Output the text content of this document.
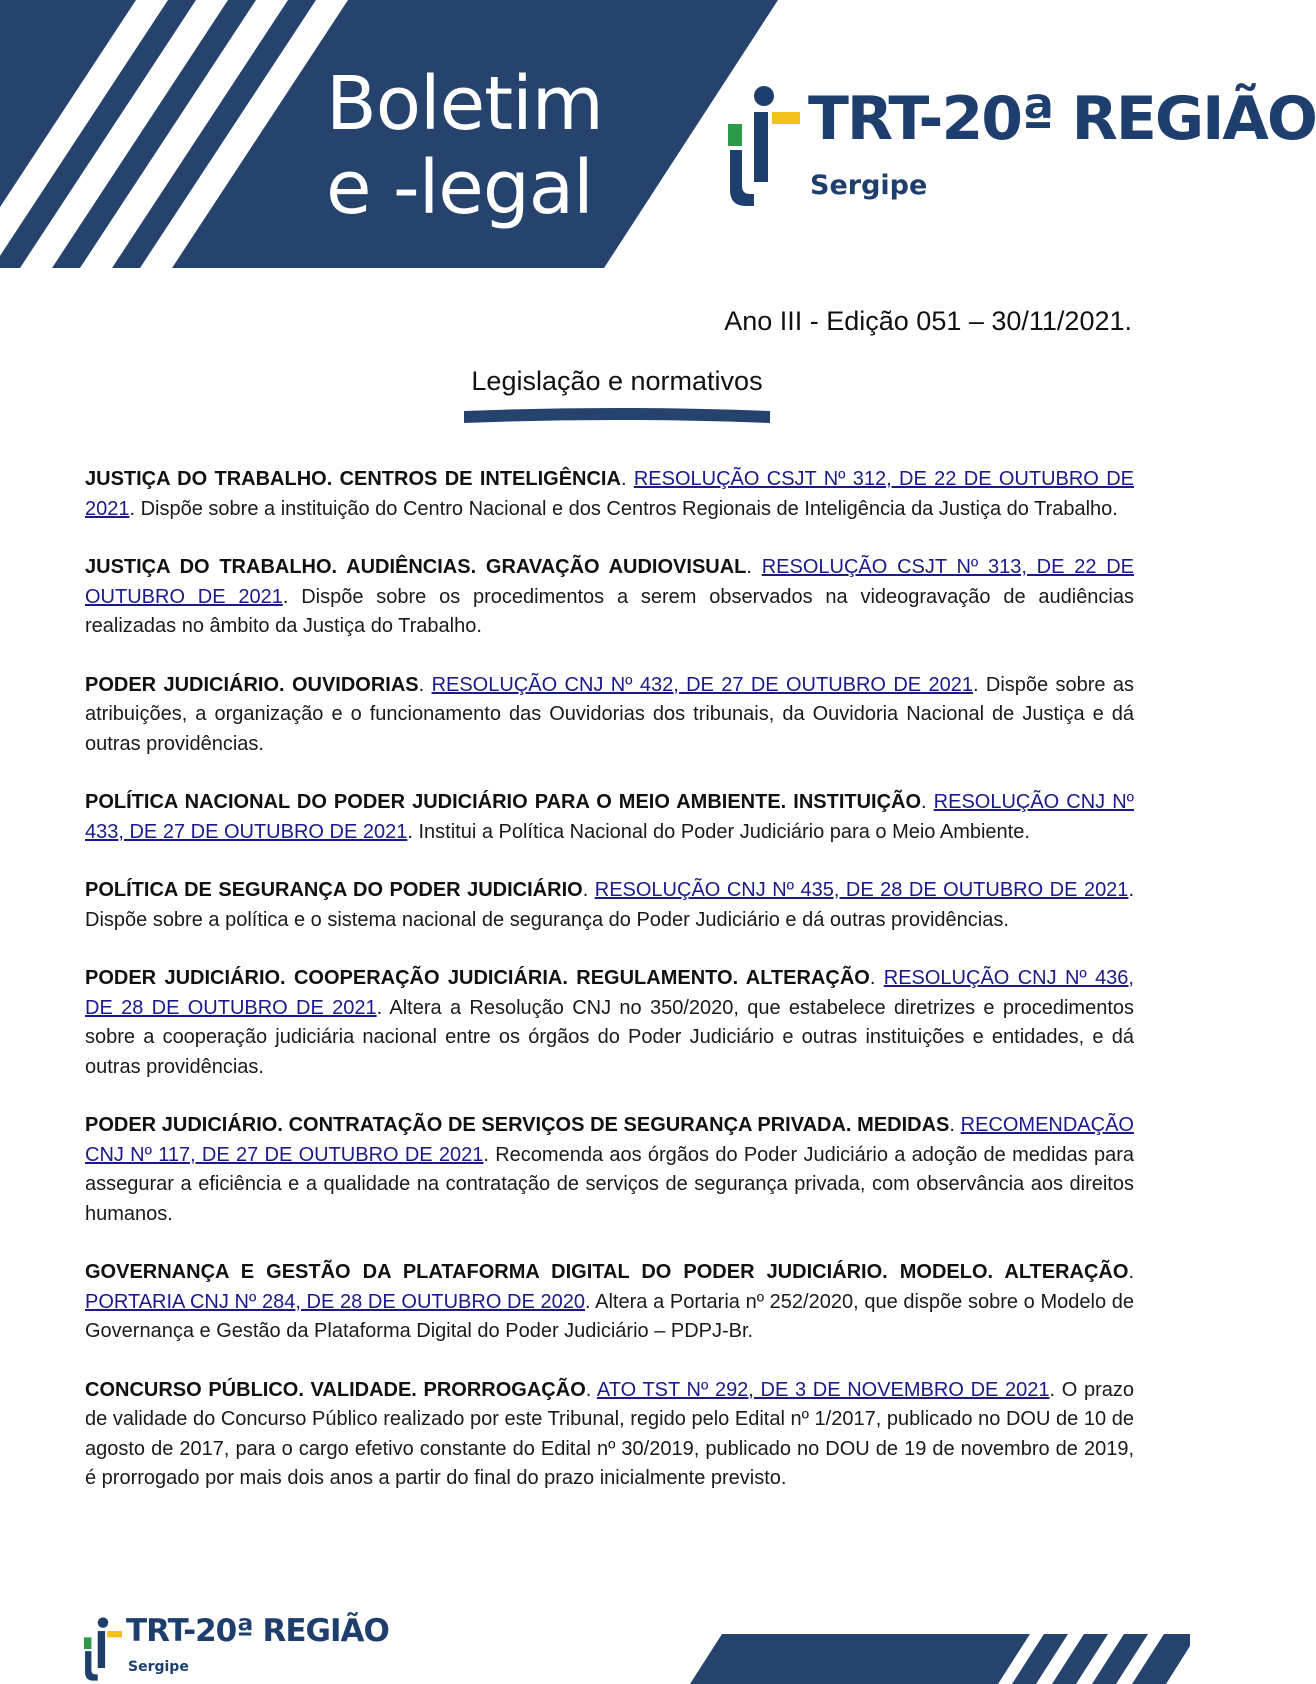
Boletim
e -legal
TRT-20ª REGIÃO
Sergipe

Ano III - Edição 051 – 30/11/2021.

Legislação e normativos

JUSTIÇA DO TRABALHO. CENTROS DE INTELIGÊNCIA. RESOLUÇÃO CSJT Nº 312, DE 22 DE OUTUBRO DE 2021. Dispõe sobre a instituição do Centro Nacional e dos Centros Regionais de Inteligência da Justiça do Trabalho.

JUSTIÇA DO TRABALHO. AUDIÊNCIAS. GRAVAÇÃO AUDIOVISUAL. RESOLUÇÃO CSJT Nº 313, DE 22 DE OUTUBRO DE 2021. Dispõe sobre os procedimentos a serem observados na videogravação de audiências realizadas no âmbito da Justiça do Trabalho.

PODER JUDICIÁRIO. OUVIDORIAS. RESOLUÇÃO CNJ Nº 432, DE 27 DE OUTUBRO DE 2021. Dispõe sobre as atribuições, a organização e o funcionamento das Ouvidorias dos tribunais, da Ouvidoria Nacional de Justiça e dá outras providências.

POLÍTICA NACIONAL DO PODER JUDICIÁRIO PARA O MEIO AMBIENTE. INSTITUIÇÃO. RESOLUÇÃO CNJ Nº 433, DE 27 DE OUTUBRO DE 2021. Institui a Política Nacional do Poder Judiciário para o Meio Ambiente.

POLÍTICA DE SEGURANÇA DO PODER JUDICIÁRIO. RESOLUÇÃO CNJ Nº 435, DE 28 DE OUTUBRO DE 2021. Dispõe sobre a política e o sistema nacional de segurança do Poder Judiciário e dá outras providências.

PODER JUDICIÁRIO. COOPERAÇÃO JUDICIÁRIA. REGULAMENTO. ALTERAÇÃO. RESOLUÇÃO CNJ Nº 436, DE 28 DE OUTUBRO DE 2021. Altera a Resolução CNJ no 350/2020, que estabelece diretrizes e procedimentos sobre a cooperação judiciária nacional entre os órgãos do Poder Judiciário e outras instituições e entidades, e dá outras providências.

PODER JUDICIÁRIO. CONTRATAÇÃO DE SERVIÇOS DE SEGURANÇA PRIVADA. MEDIDAS. RECOMENDAÇÃO CNJ Nº 117, DE 27 DE OUTUBRO DE 2021. Recomenda aos órgãos do Poder Judiciário a adoção de medidas para assegurar a eficiência e a qualidade na contratação de serviços de segurança privada, com observância aos direitos humanos.

GOVERNANÇA E GESTÃO DA PLATAFORMA DIGITAL DO PODER JUDICIÁRIO. MODELO. ALTERAÇÃO. PORTARIA CNJ Nº 284, DE 28 DE OUTUBRO DE 2020. Altera a Portaria nº 252/2020, que dispõe sobre o Modelo de Governança e Gestão da Plataforma Digital do Poder Judiciário – PDPJ-Br.

CONCURSO PÚBLICO. VALIDADE. PRORROGAÇÃO. ATO TST Nº 292, DE 3 DE NOVEMBRO DE 2021. O prazo de validade do Concurso Público realizado por este Tribunal, regido pelo Edital nº 1/2017, publicado no DOU de 10 de agosto de 2017, para o cargo efetivo constante do Edital nº 30/2019, publicado no DOU de 19 de novembro de 2019, é prorrogado por mais dois anos a partir do final do prazo inicialmente previsto.

TRT-20ª REGIÃO
Sergipe
